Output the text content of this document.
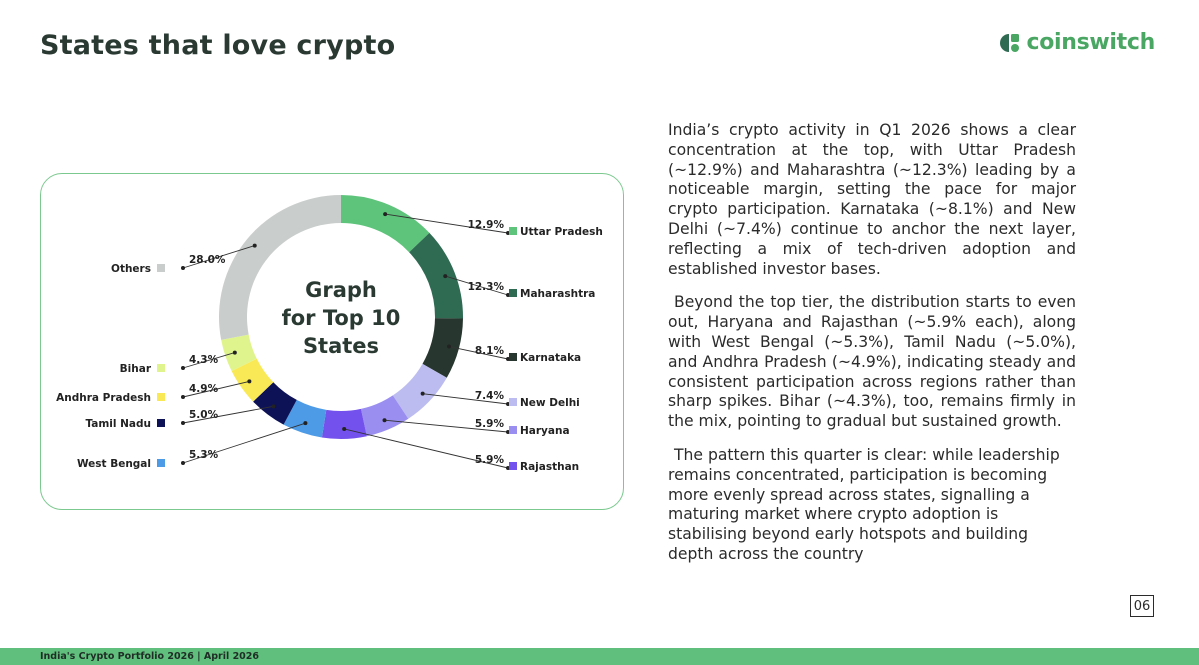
States that love crypto	coinswitch
12.9%
Uttar Pradesh
12.3%
Maharashtra
8.1%
Karnataka
7.4%
New Delhi
5.9%
Haryana
5.9%
Rajasthan
5.3%
West Bengal
5.0%
Tamil Nadu
4.9%
Andhra Pradesh
4.3%
Bihar
28.0%
Others
Graph
for Top 10
States

India’s crypto activity in Q1 2026 shows a clear concentration at the top, with Uttar Pradesh (~12.9%) and Maharashtra (~12.3%) leading by a noticeable margin, setting the pace for major crypto participation. Karnataka (~8.1%) and New Delhi (~7.4%) continue to anchor the next layer, reflecting a mix of tech-driven adoption and established investor bases.

Beyond the top tier, the distribution starts to even out, Haryana and Rajasthan (~5.9% each), along with West Bengal (~5.3%), Tamil Nadu (~5.0%), and Andhra Pradesh (~4.9%), indicating steady and consistent participation across regions rather than sharp spikes. Bihar (~4.3%), too, remains firmly in the mix, pointing to gradual but sustained growth.

The pattern this quarter is clear: while leadership remains concentrated, participation is becoming more evenly spread across states, signalling a maturing market where crypto adoption is stabilising beyond early hotspots and building depth across the country

06
India's Crypto Portfolio 2026 | April 2026
